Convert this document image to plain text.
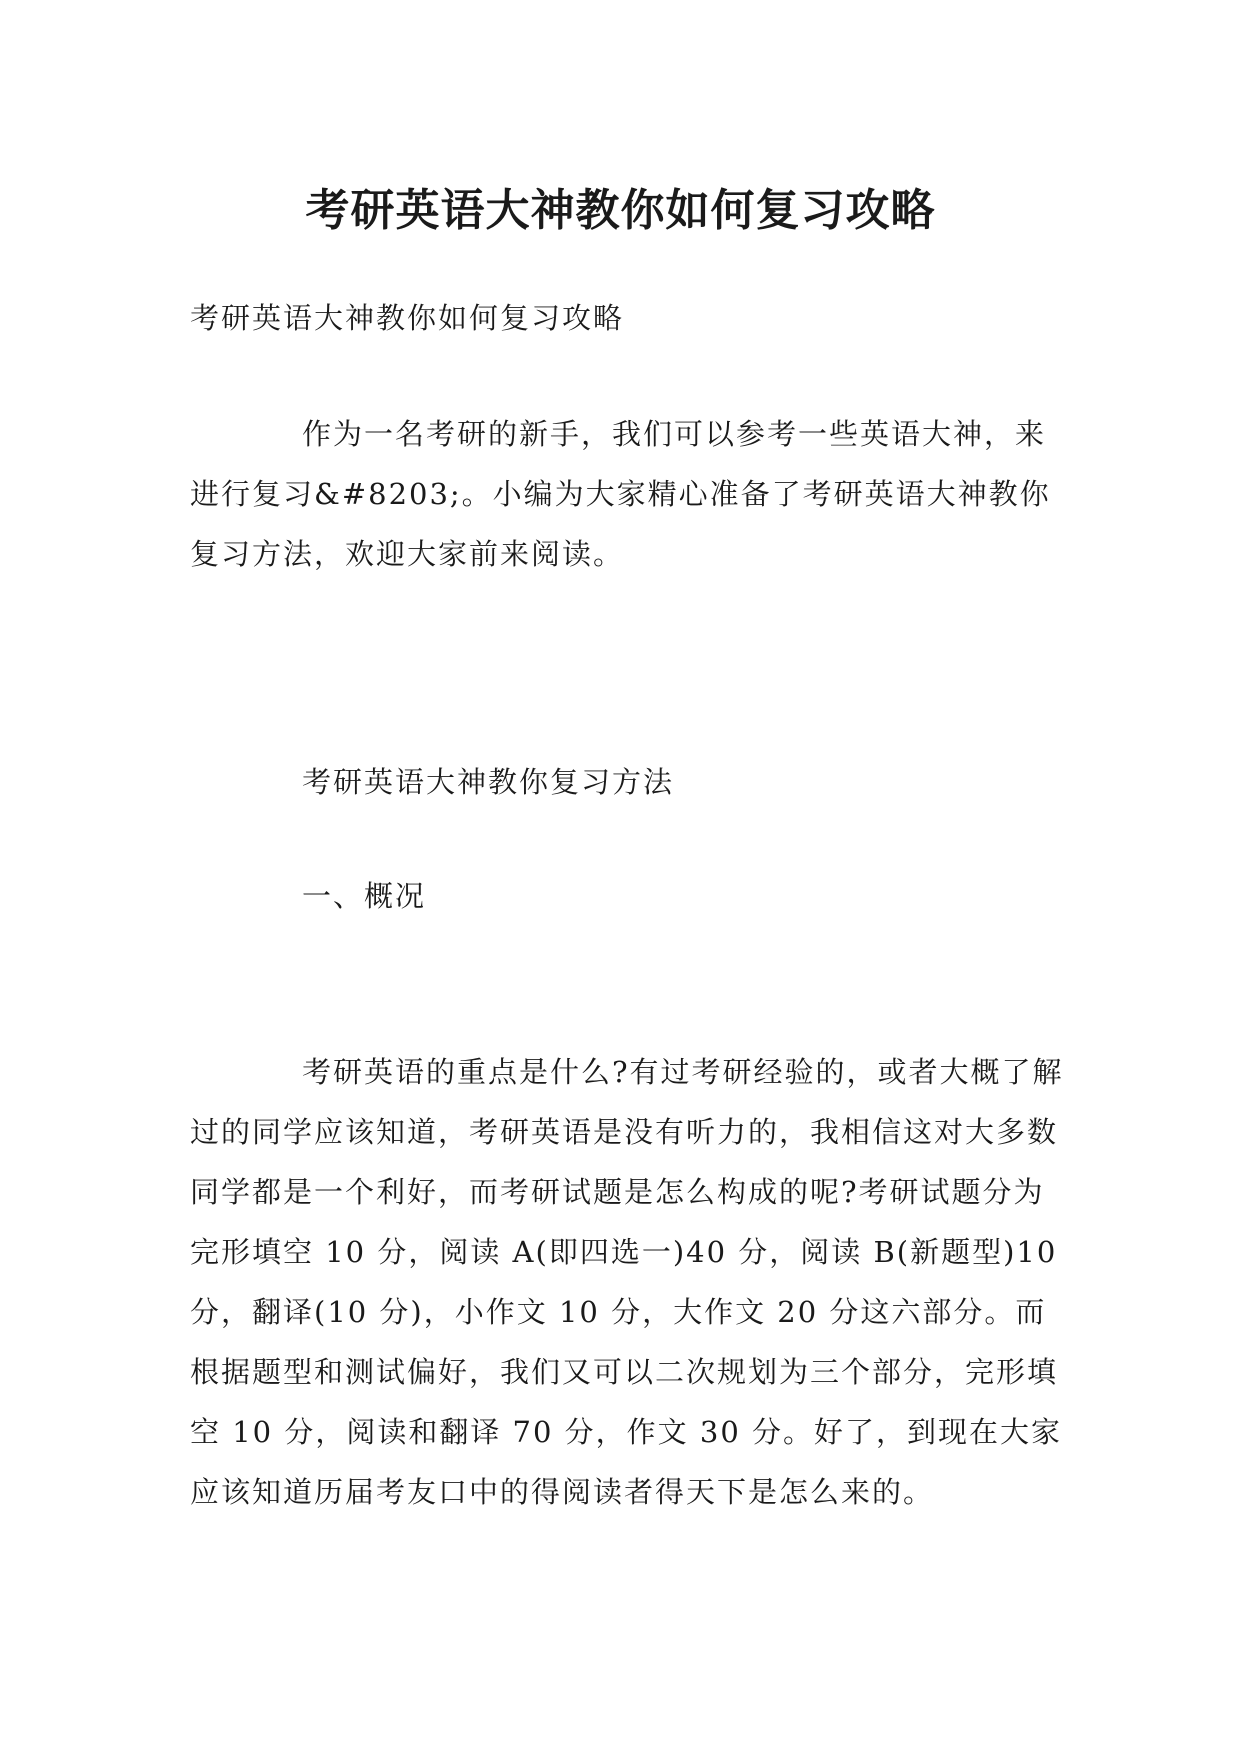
考研英语大神教你如何复习攻略

考研英语大神教你如何复习攻略

作为一名考研的新手，我们可以参考一些英语大神，来进行复习&#8203;。小编为大家精心准备了考研英语大神教你复习方法，欢迎大家前来阅读。

考研英语大神教你复习方法

一、概况

考研英语的重点是什么?有过考研经验的，或者大概了解过的同学应该知道，考研英语是没有听力的，我相信这对大多数同学都是一个利好，而考研试题是怎么构成的呢?考研试题分为完形填空 10 分，阅读 A(即四选一)40 分，阅读 B(新题型)10 分，翻译(10 分)，小作文 10 分，大作文 20 分这六部分。而根据题型和测试偏好，我们又可以二次规划为三个部分，完形填空 10 分，阅读和翻译 70 分，作文 30 分。好了，到现在大家应该知道历届考友口中的得阅读者得天下是怎么来的。
